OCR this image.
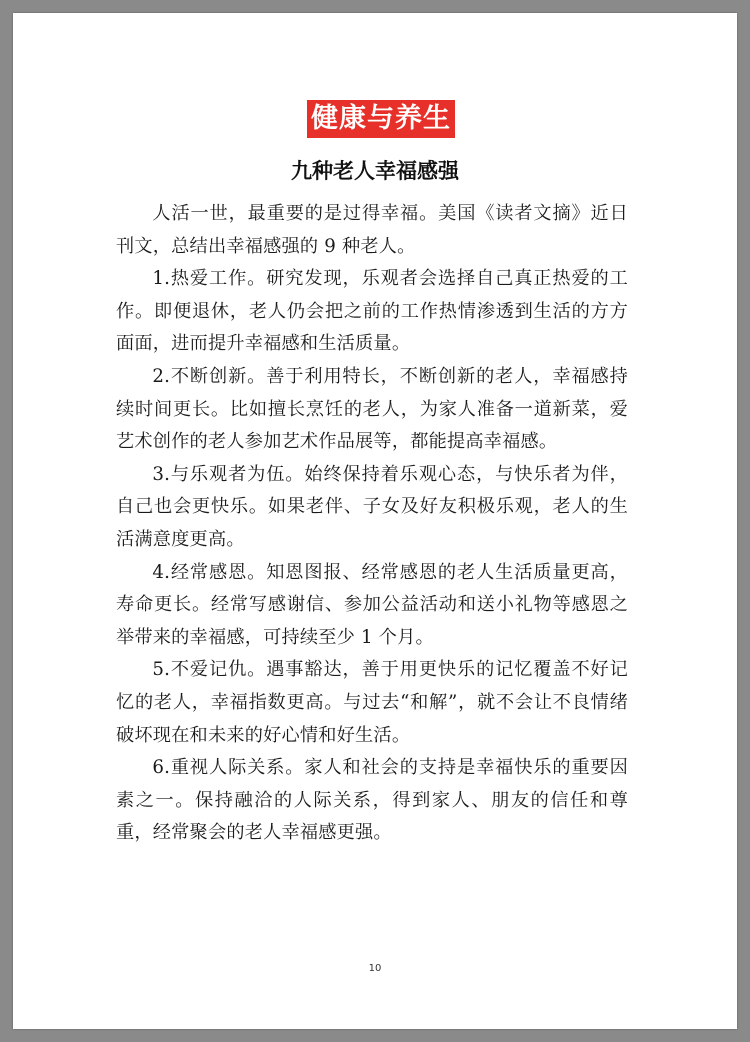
健康与养生
九种老人幸福感强

人活一世，最重要的是过得幸福。美国《读者文摘》近日刊文，总结出幸福感强的 9 种老人。

1.热爱工作。研究发现，乐观者会选择自己真正热爱的工作。即便退休，老人仍会把之前的工作热情渗透到生活的方方面面，进而提升幸福感和生活质量。

2.不断创新。善于利用特长，不断创新的老人，幸福感持续时间更长。比如擅长烹饪的老人，为家人准备一道新菜，爱艺术创作的老人参加艺术作品展等，都能提高幸福感。

3.与乐观者为伍。始终保持着乐观心态，与快乐者为伴，自己也会更快乐。如果老伴、子女及好友积极乐观，老人的生活满意度更高。

4.经常感恩。知恩图报、经常感恩的老人生活质量更高，寿命更长。经常写感谢信、参加公益活动和送小礼物等感恩之举带来的幸福感，可持续至少 1 个月。

5.不爱记仇。遇事豁达，善于用更快乐的记忆覆盖不好记忆的老人，幸福指数更高。与过去“和解”，就不会让不良情绪破坏现在和未来的好心情和好生活。

6.重视人际关系。家人和社会的支持是幸福快乐的重要因素之一。保持融洽的人际关系，得到家人、朋友的信任和尊重，经常聚会的老人幸福感更强。

10
